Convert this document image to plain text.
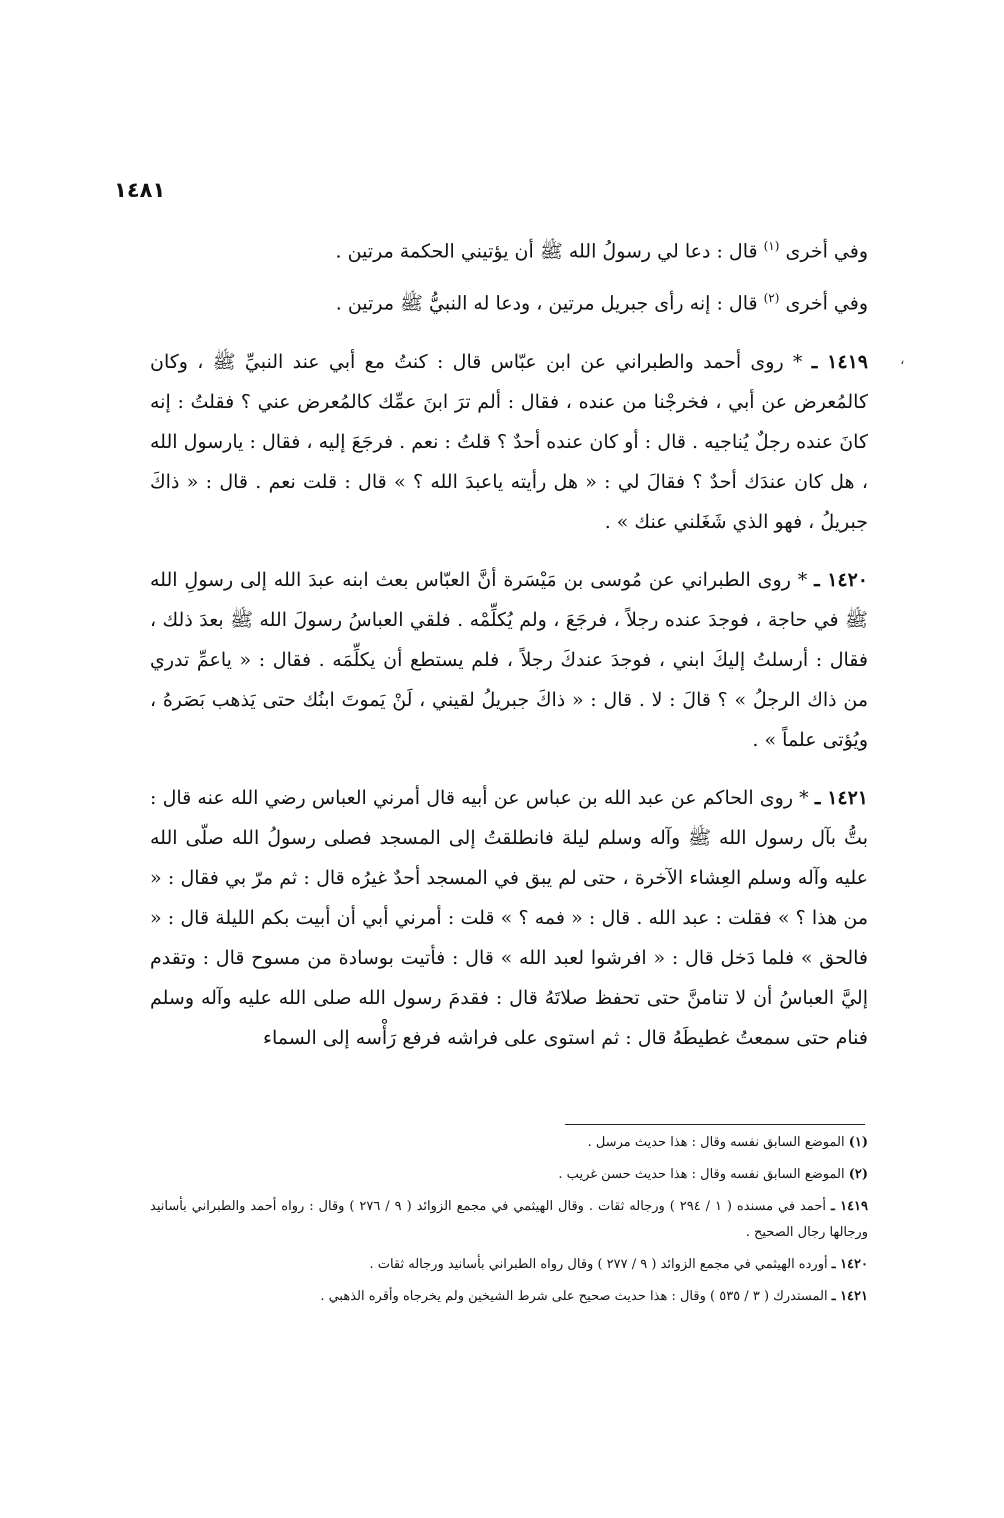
١٤٨١
،

وفي أخرى $^{(١)}$ قال : دعا لي رسولُ الله ﷺ أن يؤتيني الحكمة مرتين .

وفي أخرى $^{(٢)}$ قال : إنه رأى جبريل مرتين ، ودعا له النبيُّ ﷺ مرتين .

١٤١٩ ـ * روى أحمد والطبراني عن ابن عبّاس قال : كنتُ مع أبي عند النبيِّ ﷺ ، وكان كالمُعرض عن أبي ، فخرجْنا من عنده ، فقال : ألم ترَ ابنَ عمِّك كالمُعرض عني ؟ فقلتُ : إنه كانَ عنده رجلٌ يُناجيه . قال : أو كان عنده أحدٌ ؟ قلتُ : نعم . فرجَعَ إليه ، فقال : يارسول الله ، هل كان عندَك أحدٌ ؟ فقالَ لي : « هل رأيته ياعبدَ الله ؟ » قال : قلت نعم . قال : « ذاكَ جبريلُ ، فهو الذي شَغَلني عنك » .

١٤٢٠ ـ * روى الطبراني عن مُوسى بن مَيْسَرة أنَّ العبّاس بعث ابنه عبدَ الله إلى رسولِ الله ﷺ في حاجة ، فوجدَ عنده رجلاً ، فرجَعَ ، ولم يُكلِّمْه . فلقي العباسُ رسولَ الله ﷺ بعدَ ذلك ، فقال : أرسلتُ إليكَ ابني ، فوجدَ عندكَ رجلاً ، فلم يستطع أن يكلِّمَه . فقال : « ياعمِّ تدري من ذاك الرجلُ » ؟ قالَ : لا . قال : « ذاكَ جبريلُ لقيني ، لَنْ يَموتَ ابنُك حتى يَذهب بَصَرهُ ، ويُؤتى علماً » .

١٤٢١ ـ * روى الحاكم عن عبد الله بن عباس عن أبيه قال أمرني العباس رضي الله عنه قال : بتُّ بآل رسول الله ﷺ وآله وسلم ليلة فانطلقتُ إلى المسجد فصلى رسولُ الله صلّى الله عليه وآله وسلم العِشاء الآخرة ، حتى لم يبق في المسجد أحدٌ غيرُه قال : ثم مرّ بي فقال : « من هذا ؟ » فقلت : عبد الله . قال : « فمه ؟ » قلت : أمرني أبي أن أبيت بكم الليلة قال : « فالحق » فلما دَخل قال : « افرشوا لعبد الله » قال : فأتيت بوسادة من مسوح قال : وتقدم إليَّ العباسُ أن لا تنامنَّ حتى تحفظ صلاتَهُ قال : فقدمَ رسول الله صلى الله عليه وآله وسلم فنام حتى سمعتُ غطيطَهُ قال : ثم استوى على فراشه فرفع رَأْسه إلى السماء

(١) الموضع السابق نفسه وقال : هذا حديث مرسل .

(٢) الموضع السابق نفسه وقال : هذا حديث حسن غريب .

١٤١٩ ـ أحمد في مسنده ( ١ / ٢٩٤ ) ورجاله ثقات . وقال الهيثمي في مجمع الزوائد ( ٩ / ٢٧٦ ) وقال : رواه أحمد والطبراني بأسانيد ورجالها رجال الصحيح .

١٤٢٠ ـ أورده الهيثمي في مجمع الزوائد ( ٩ / ٢٧٧ ) وقال رواه الطبراني بأسانيد ورجاله ثقات .

١٤٢١ ـ المستدرك ( ٣ / ٥٣٥ ) وقال : هذا حديث صحيح على شرط الشيخين ولم يخرجاه وأقره الذهبي .
